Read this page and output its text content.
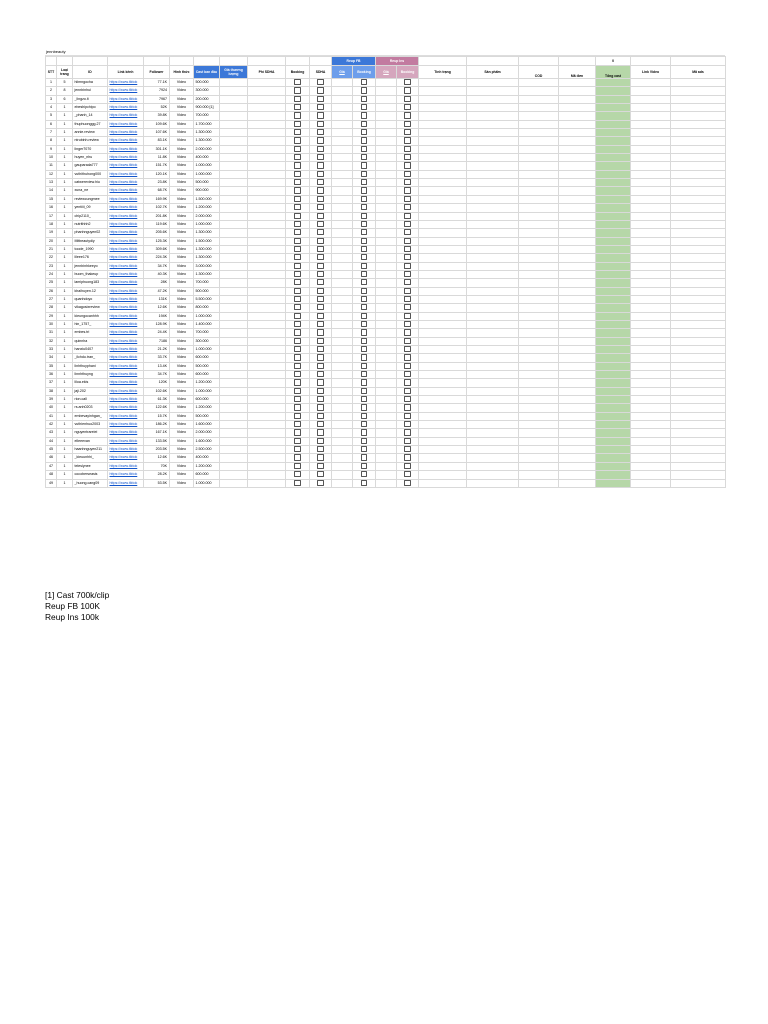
jennbeauty
											Reup FB		Reup Ins						0		
STT	Loại trang	ID	Link kênh	Follower	Hình thức	Cast ban đầu	Giá thương lượng	Phí SDHA	Booking	SDHA	Giá	Booking	Giá	Booking	Tình trạng	Sản phẩm	COD	Mã đơn	Tổng cast	Link Video	Mã ads
1	5	hiimngocha	https://www.tiktok	77.1K	Video	500.000															
2	8	jennbinhui	https://www.tiktok	7924	Video	300.000															
3	6	_lingzo.lt	https://www.tiktok	7967	Video	200.000															
4	1	ebeshipchipo	https://www.tiktok	52K	Video	900.000 [1]															
5	1	_phanh_14	https://www.tiktok	39.8K	Video	700.000															
6	1	thuphuonggg.27	https://www.tiktok	109.6K	Video	1.700.000															
7	1	annie.review	https://www.tiktok	107.6K	Video	1.300.000															
8	1	ntrubinh.review	https://www.tiktok	83.1K	Video	1.300.000															
9	1	linger7070	https://www.tiktok	301.1K	Video	2.000.000															
10	1	huyen_nhu	https://www.tiktok	11.8K	Video	400.000															
11	1	gauparada777	https://www.tiktok	151.7K	Video	1.000.000															
12	1	vuthithuhong000	https://www.tiktok	120.1K	Video	1.000.000															
13	1	catwereview.hiu	https://www.tiktok	23.8K	Video	500.000															
14	1	xuna_ne	https://www.tiktok	68.7K	Video	900.000															
15	1	reviewcungmee	https://www.tiktok	169.9K	Video	1.500.000															
16	1	yentiiii_09	https://www.tiktok	102.7K	Video	1.200.000															
17	1	chip2110_	https://www.tiktok	201.8K	Video	2.000.000															
18	1	nutrithhh2	https://www.tiktok	119.6K	Video	1.000.000															
19	1	phanhnguyen02	https://www.tiktok	205.6K	Video	1.300.000															
20	1	Mitbeautydiy	https://www.tiktok	125.3K	Video	1.500.000															
21	1	toode_1990	https://www.tiktok	309.6K	Video	1.300.000															
22	1	lileee176	https://www.tiktok	224.3K	Video	1.300.000															
23	1	jennbinhkeeyo	https://www.tiktok	34.7K	Video	3.000.000															
24	1	buom_thakeup	https://www.tiktok	40.3K	Video	1.300.000															
25	1	lamiphuong183	https://www.tiktok	28K	Video	700.000															
26	1	khaihuyen.12	https://www.tiktok	47.2K	Video	500.000															
27	1	quanhdoyo	https://www.tiktok	131K	Video	5.500.000															
28	1	vikagosixreview	https://www.tiktok	12.6K	Video	800.000															
29	1	kieungocanhhh	https://www.tiktok	194K	Video	1.000.000															
30	1	hin_1757_	https://www.tiktok	128.9K	Video	1.400.000															
31	1	embes.tri	https://www.tiktok	24.4K	Video	700.000															
32	1	quinnha	https://www.tiktok	7186	Video	300.000															
33	1	hanxiu0407	https://www.tiktok	21.2K	Video	1.000.000															
34	1	_ilchdu.tran_	https://www.tiktok	33.7K	Video	600.000															
35	1	linhthuyphani	https://www.tiktok	13.4K	Video	500.000															
36	1	linnhthuyng	https://www.tiktok	34.7K	Video	600.000															
37	1	liloa.ekis	https://www.tiktok	120K	Video	1.200.000															
38	1	jaji.202	https://www.tiktok	102.6K	Video	1.000.000															
39	1	rion.call	https://www.tiktok	61.3K	Video	600.000															
40	1	rs.anh0203	https://www.tiktok	122.6K	Video	1.200.000															
41	1	embevayinhgan_	https://www.tiktok	15.7K	Video	500.000															
42	1	vuthienhuo2003	https://www.tiktok	186.2K	Video	1.600.000															
43	1	nguyentrareiei	https://www.tiktok	167.1K	Video	2.000.000															
44	1	elleeevan	https://www.tiktok	133.5K	Video	1.600.000															
45	1	haanhnguyen211	https://www.tiktok	203.5K	Video	2.500.000															
46	1	_kieuunhhi_	https://www.tiktok	12.6K	Video	400.000															
47	1	teleslynee	https://www.tiktok	70K	Video	1.200.000															
48	1	cocoberseasis	https://www.tiktok	28.2K	Video	600.000															
49	1	_huong.cang09	https://www.tiktok	53.5K	Video	1.000.000															
[1] Cast 700k/clip
Reup FB 100K
Reup Ins 100k
